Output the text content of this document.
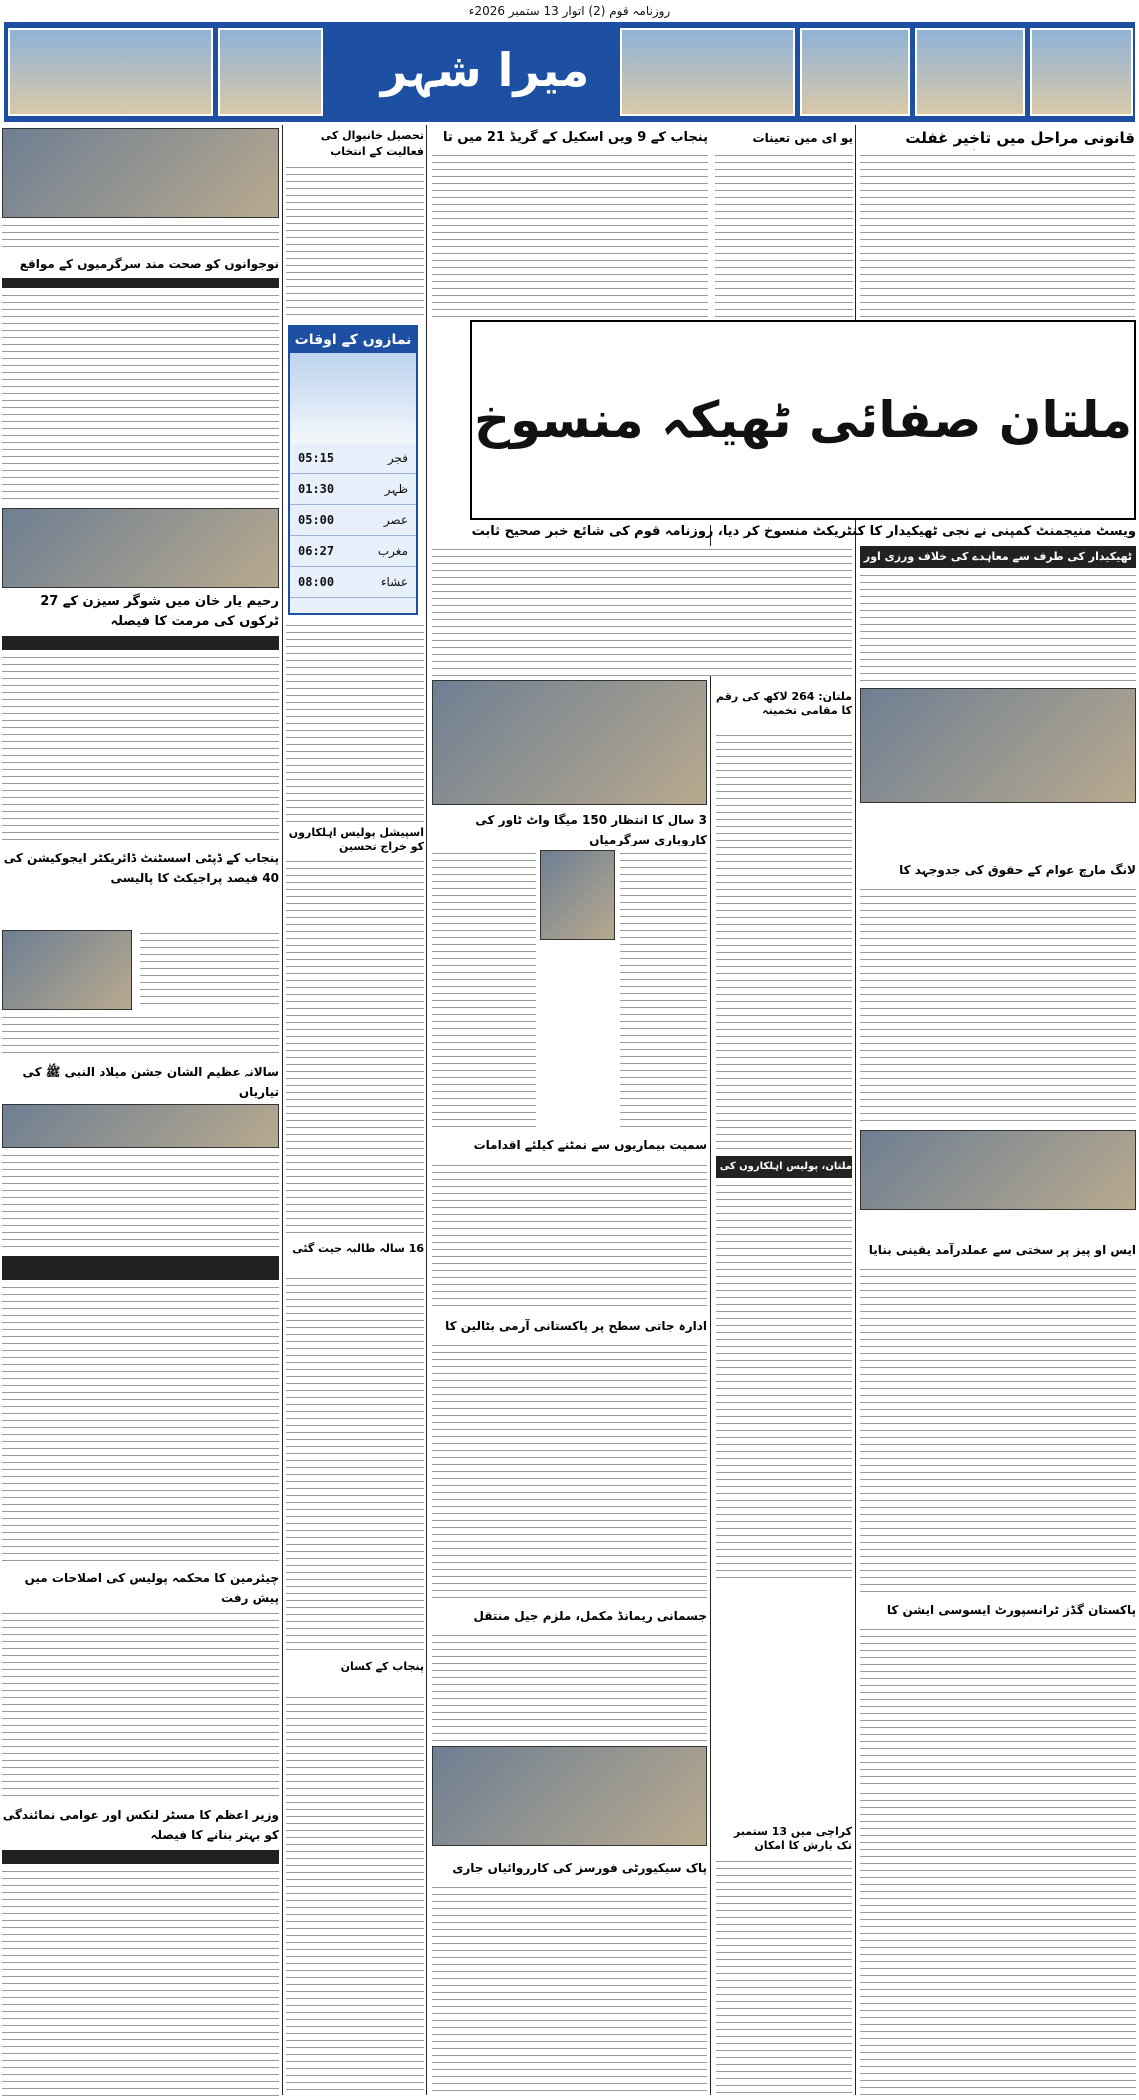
روزنامہ قوم (2) اتوار 13 ستمبر 2026ء
میرا شہر
قانونی مراحل میں تاخیر غفلت
یو ای میں تعینات
پنجاب کے 9 ویں اسکیل کے گریڈ 21 میں تا
تحصیل خانیوال کی فعالیت کے انتخاب
نوجوانوں کو صحت مند سرگرمیوں کے مواقع
رحیم یار خان میں شوگر سیزن کے 27 ٹرکوں کی مرمت کا فیصلہ
پنجاب کے ڈپٹی اسسٹنٹ ڈائریکٹر ایجوکیشن کی 40 فیصد پراجیکٹ کا پالیسی
سالانہ عظیم الشان جشن میلاد النبی ﷺ کی تیاریاں
چیئرمین کا محکمہ پولیس کی اصلاحات میں پیش رفت
وزیر اعظم کا مسٹر لنکس اور عوامی نمائندگی کو بہتر بنانے کا فیصلہ
نمازوں کے اوقات
فجر
05:15
ظہر
01:30
عصر
05:00
مغرب
06:27
عشاء
08:00
اسپیشل پولیس اہلکاروں کو خراج تحسین
16 سالہ طالبہ جیت گئی
پنجاب کے کسان
ملتان صفائی ٹھیکہ منسوخ
ویسٹ منیجمنٹ کمپنی نے نجی ٹھیکیدار کا کنٹریکٹ منسوخ کر دیا، روزنامہ قوم کی شائع خبر صحیح ثابت
ٹھیکیدار کی طرف سے معاہدے کی خلاف ورزی اور
لانگ مارچ عوام کے حقوق کی جدوجہد کا
ایس او پیز پر سختی سے عملدرآمد یقینی بنایا
پاکستان گڈز ٹرانسپورٹ ایسوسی ایشن کا
ملتان: 264 لاکھ کی رقم کا مقامی تخمینہ
ملتان، پولیس اہلکاروں کی
کراچی میں 13 ستمبر تک بارش کا امکان
3 سال کا انتظار 150 میگا واٹ ٹاور کی کاروباری سرگرمیاں
سمیت بیماریوں سے نمٹنے کیلئے اقدامات
ادارہ جاتی سطح پر پاکستانی آرمی بٹالین کا
جسمانی ریمانڈ مکمل، ملزم جیل منتقل
پاک سیکیورٹی فورسز کی کارروائیاں جاری
